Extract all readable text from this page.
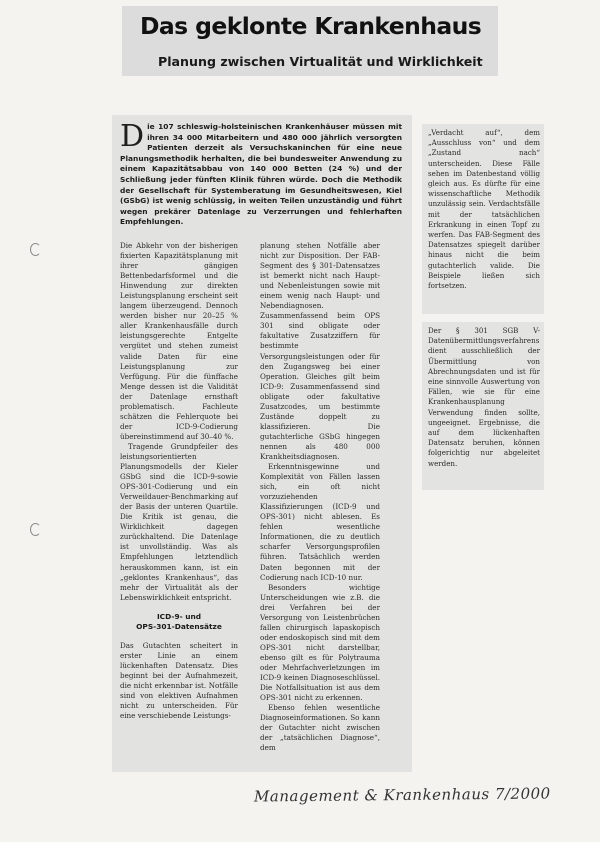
Das geklonte Krankenhaus
Planung zwischen Virtualität und Wirklichkeit
Die 107 schleswig-holsteinischen Krankenhäuser müssen mit ihren 34 000 Mitarbeitern und 480 000 jährlich versorgten Patienten derzeit als Versuchskaninchen für eine neue Planungsmethodik herhalten, die bei bundesweiter Anwendung zu einem Kapazitätsabbau von 140 000 Betten (24 %) und der Schließung jeder fünften Klinik führen würde. Doch die Methodik der Gesellschaft für Systemberatung im Gesundheitswesen, Kiel (GSbG) ist wenig schlüssig, in weiten Teilen unzuständig und führt wegen prekärer Datenlage zu Verzerrungen und fehlerhaften Empfehlungen.

Die Abkehr von der bisherigen fixierten Kapazitätsplanung mit ihrer gängigen Bettenbedarfsformel und die Hinwendung zur direkten Leistungsplanung erscheint seit langem überzeugend. Dennoch werden bisher nur 20–25 % aller Krankenhausfälle durch leistungsgerechte Entgelte vergütet und stehen zumeist valide Daten für eine Leistungsplanung zur Verfügung. Für die fünffache Menge dessen ist die Validität der Datenlage ernsthaft problematisch. Fachleute schätzen die Fehlerquote bei der ICD-9-Codierung übereinstimmend auf 30–40 %.

Tragende Grundpfeiler des leistungsorientierten Planungsmodells der Kieler GSbG sind die ICD-9-sowie OPS-301-Codierung und ein Verweildauer-Benchmarking auf der Basis der unteren Quartile. Die Kritik ist genau, die Wirklichkeit dagegen zurückhaltend. Die Datenlage ist unvollständig. Was als Empfehlungen letztendlich herauskommen kann, ist ein „geklontes Krankenhaus“, das mehr der Virtualität als der Lebenswirklichkeit entspricht.

ICD-9- und
OPS-301-Datensätze

Das Gutachten scheitert in erster Linie an einem lückenhaften Datensatz. Dies beginnt bei der Aufnahmezeit, die nicht erkennbar ist. Notfälle sind von elektiven Aufnahmen nicht zu unterscheiden. Für eine verschiebende Leistungs-

planung stehen Notfälle aber nicht zur Disposition. Der FAB-Segment des § 301-Datensatzes ist bemerkt nicht nach Haupt- und Nebenleistungen sowie mit einem wenig nach Haupt- und Nebendiagnosen. Zusammenfassend beim OPS 301 sind obligate oder fakultative Zusatzziffern für bestimmte Versorgungsleistungen oder für den Zugangsweg bei einer Operation. Gleiches gilt beim ICD-9: Zusammenfassend sind obligate oder fakultative Zusatzcodes, um bestimmte Zustände doppelt zu klassifizieren. Die gutachterliche GSbG hingegen nennen als 480 000 Krankheitsdiagnosen.

Erkenntnisgewinne und Komplexität von Fällen lassen sich, ein oft nicht vorzuziehenden Klassifizierungen (ICD-9 und OPS-301) nicht ablesen. Es fehlen wesentliche Informationen, die zu deutlich scharfer Versorgungsprofilen führen. Tatsächlich werden Daten begonnen mit der Codierung nach ICD-10 nur.

Besonders wichtige Unterscheidungen wie z.B. die drei Verfahren bei der Versorgung von Leistenbrüchen fallen chirurgisch lapaskopisch oder endoskopisch sind mit dem OPS-301 nicht darstellbar, ebenso gilt es für Polytrauma oder Mehrfachverletzungen im ICD-9 keinen Diagnoseschlüssel. Die Notfallsituation ist aus dem OPS-301 nicht zu erkennen.

Ebenso fehlen wesentliche Diagnoseinformationen. So kann der Gutachter nicht zwischen der „tatsächlichen Diagnose“, dem

„Verdacht auf“, dem „Ausschluss von“ und dem „Zustand nach“ unterscheiden. Diese Fälle sehen im Datenbestand völlig gleich aus. Es dürfte für eine wissenschaftliche Methodik unzulässig sein. Verdachtsfälle mit der tatsächlichen Erkrankung in einen Topf zu werfen. Das FAB-Segment des Datensatzes spiegelt darüber hinaus nicht die beim gutachterlich valide. Die Beispiele ließen sich fortsetzen.

Der § 301 SGB V-Datenübermittlungsverfahrens dient ausschließlich der Übermittlung von Abrechnungsdaten und ist für eine sinnvolle Auswertung von Fällen, wie sie für eine Krankenhausplanung Verwendung finden sollte, ungeeignet. Ergebnisse, die auf dem lückenhaften Datensatz beruhen, können folgerichtig nur abgeleitet werden.

Management & Krankenhaus 7/2000
